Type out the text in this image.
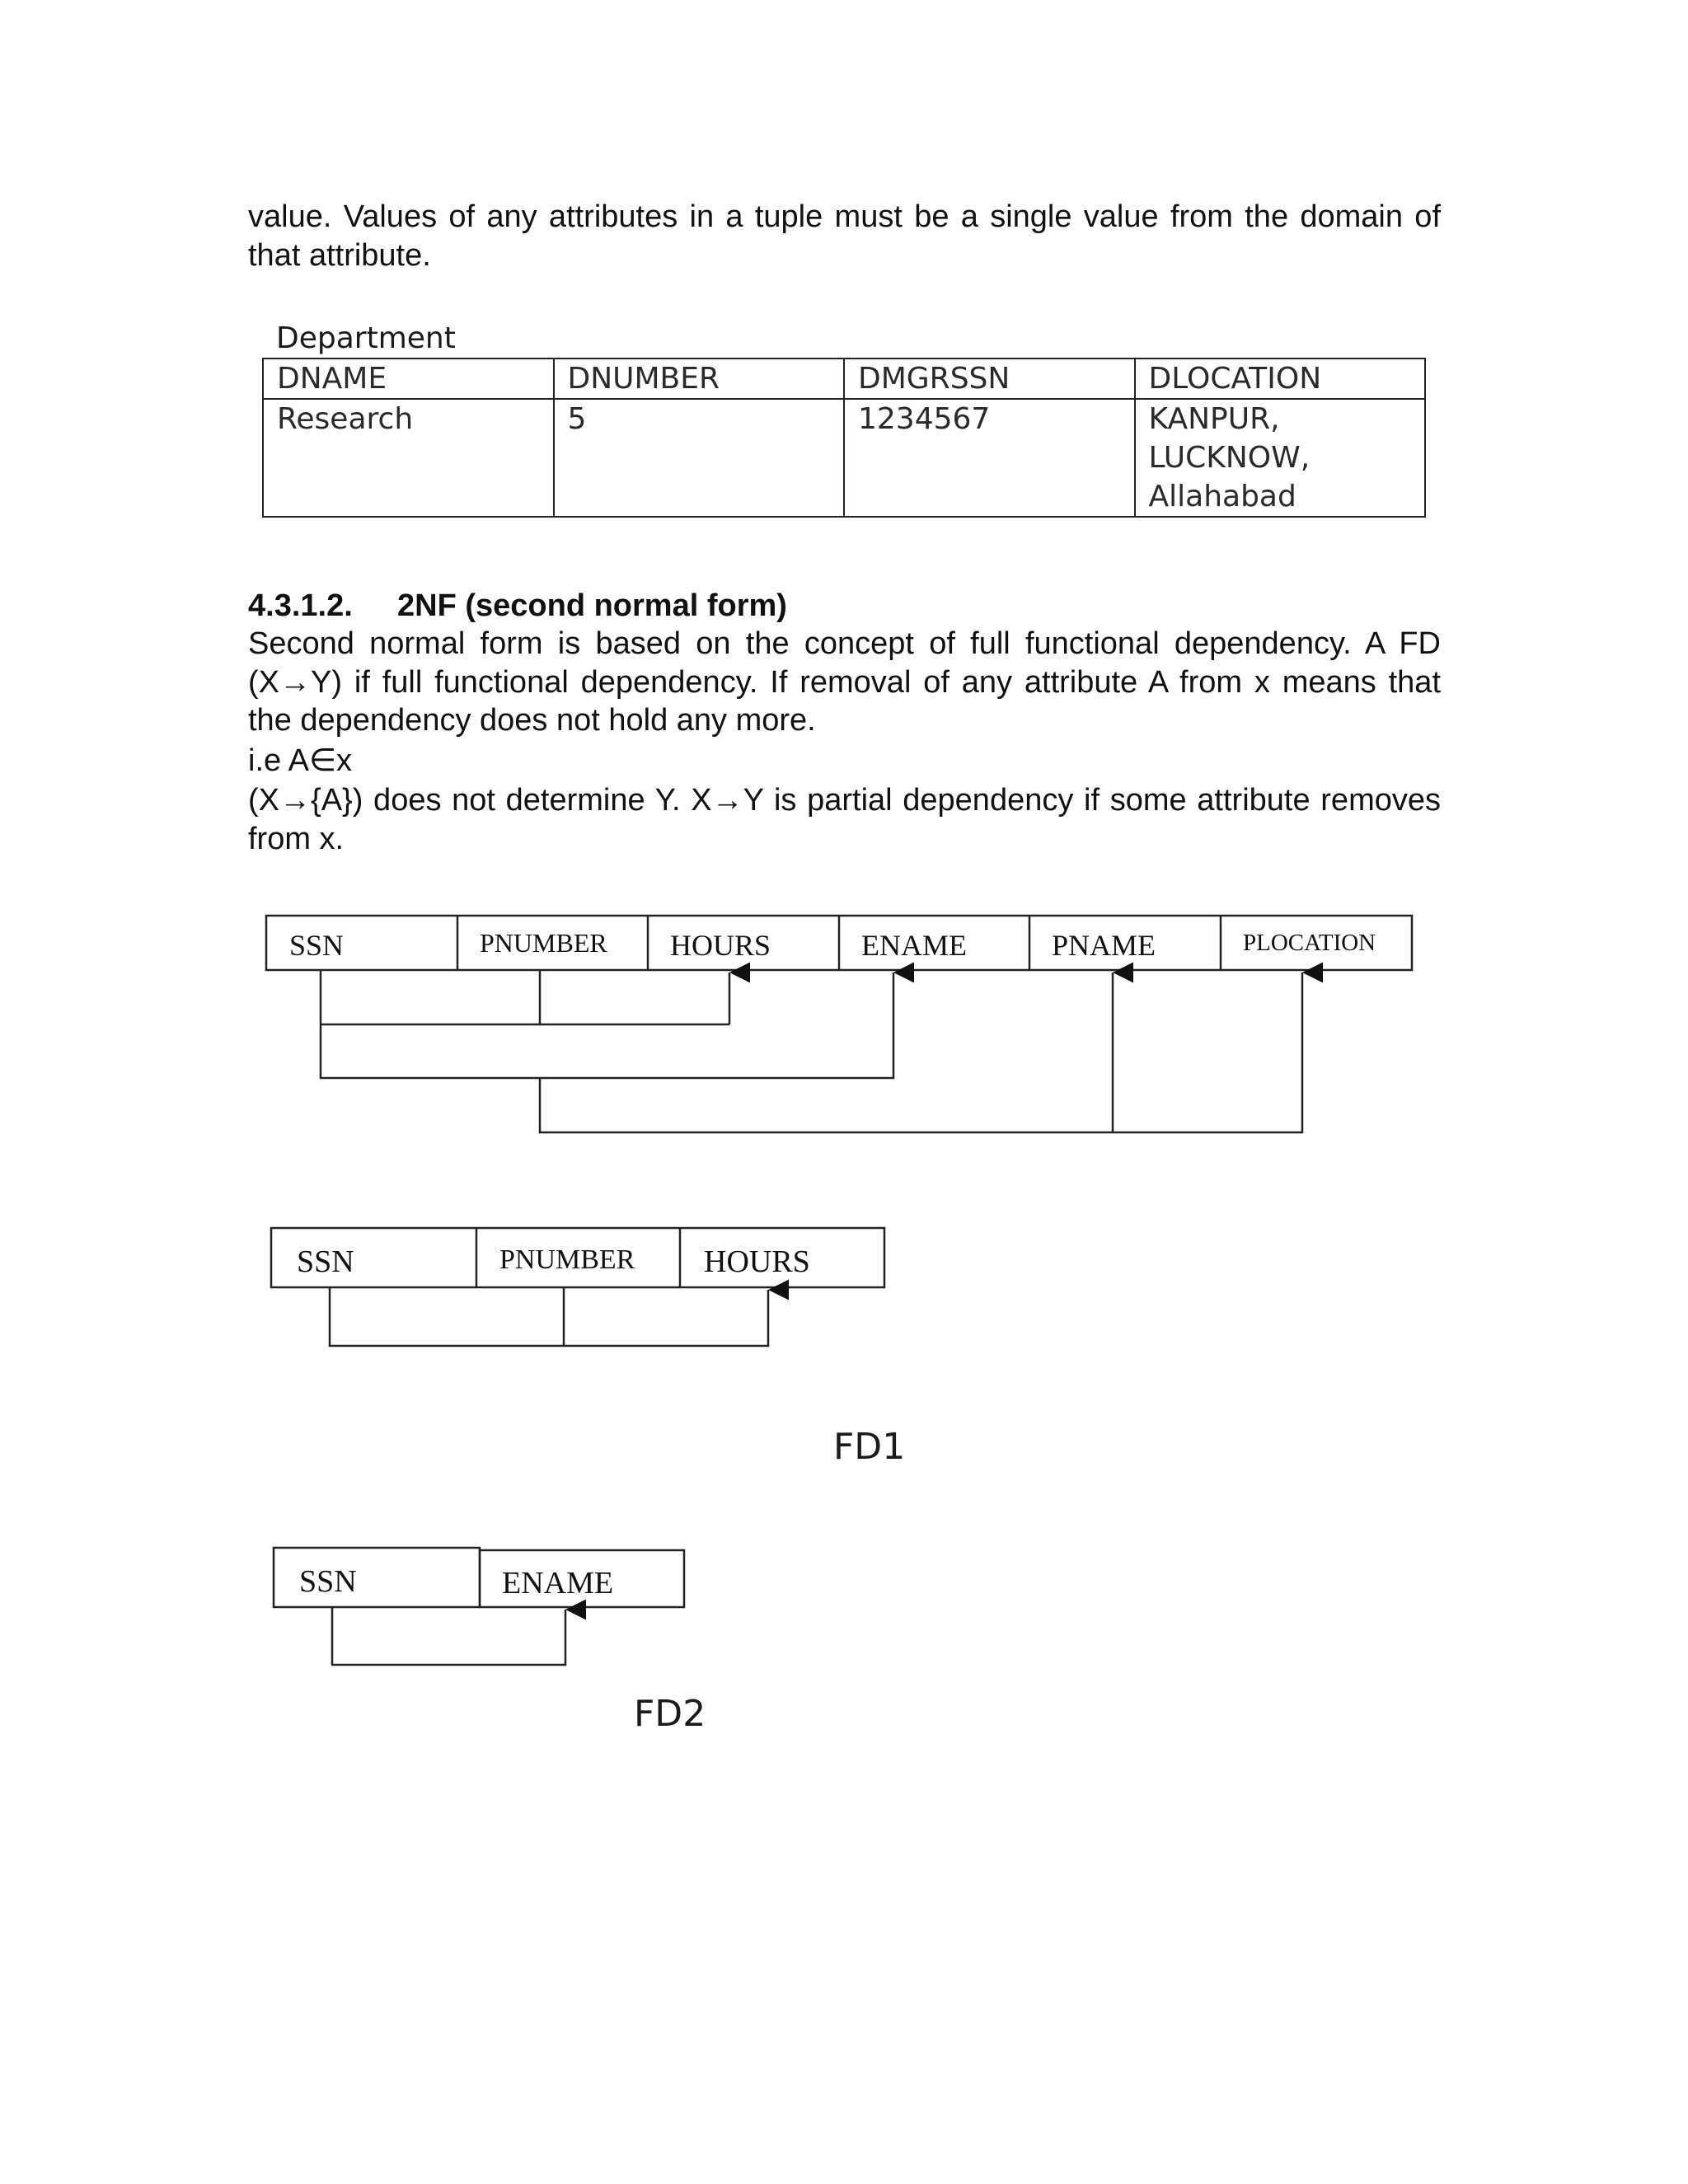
value. Values of any attributes in a tuple must be a single value from the domain of that attribute.

Department
DNAME	DNUMBER	DMGRSSN	DLOCATION
Research	5	1234567	KANPUR,
LUCKNOW,
Allahabad
4.3.1.2. 2NF (second normal form)

Second normal form is based on the concept of full functional dependency. A FD (X→Y) if full functional dependency. If removal of any attribute A from x means that the dependency does not hold any more.

i.e A∈x

(X→{A}) does not determine Y. X→Y is partial dependency if some attribute removes from x.

SSN	PNUMBER HOURS	ENAME	PNAME	PLOCATION
SSN	PNUMBER HOURS
FD1
SSN	ENAME
FD2
